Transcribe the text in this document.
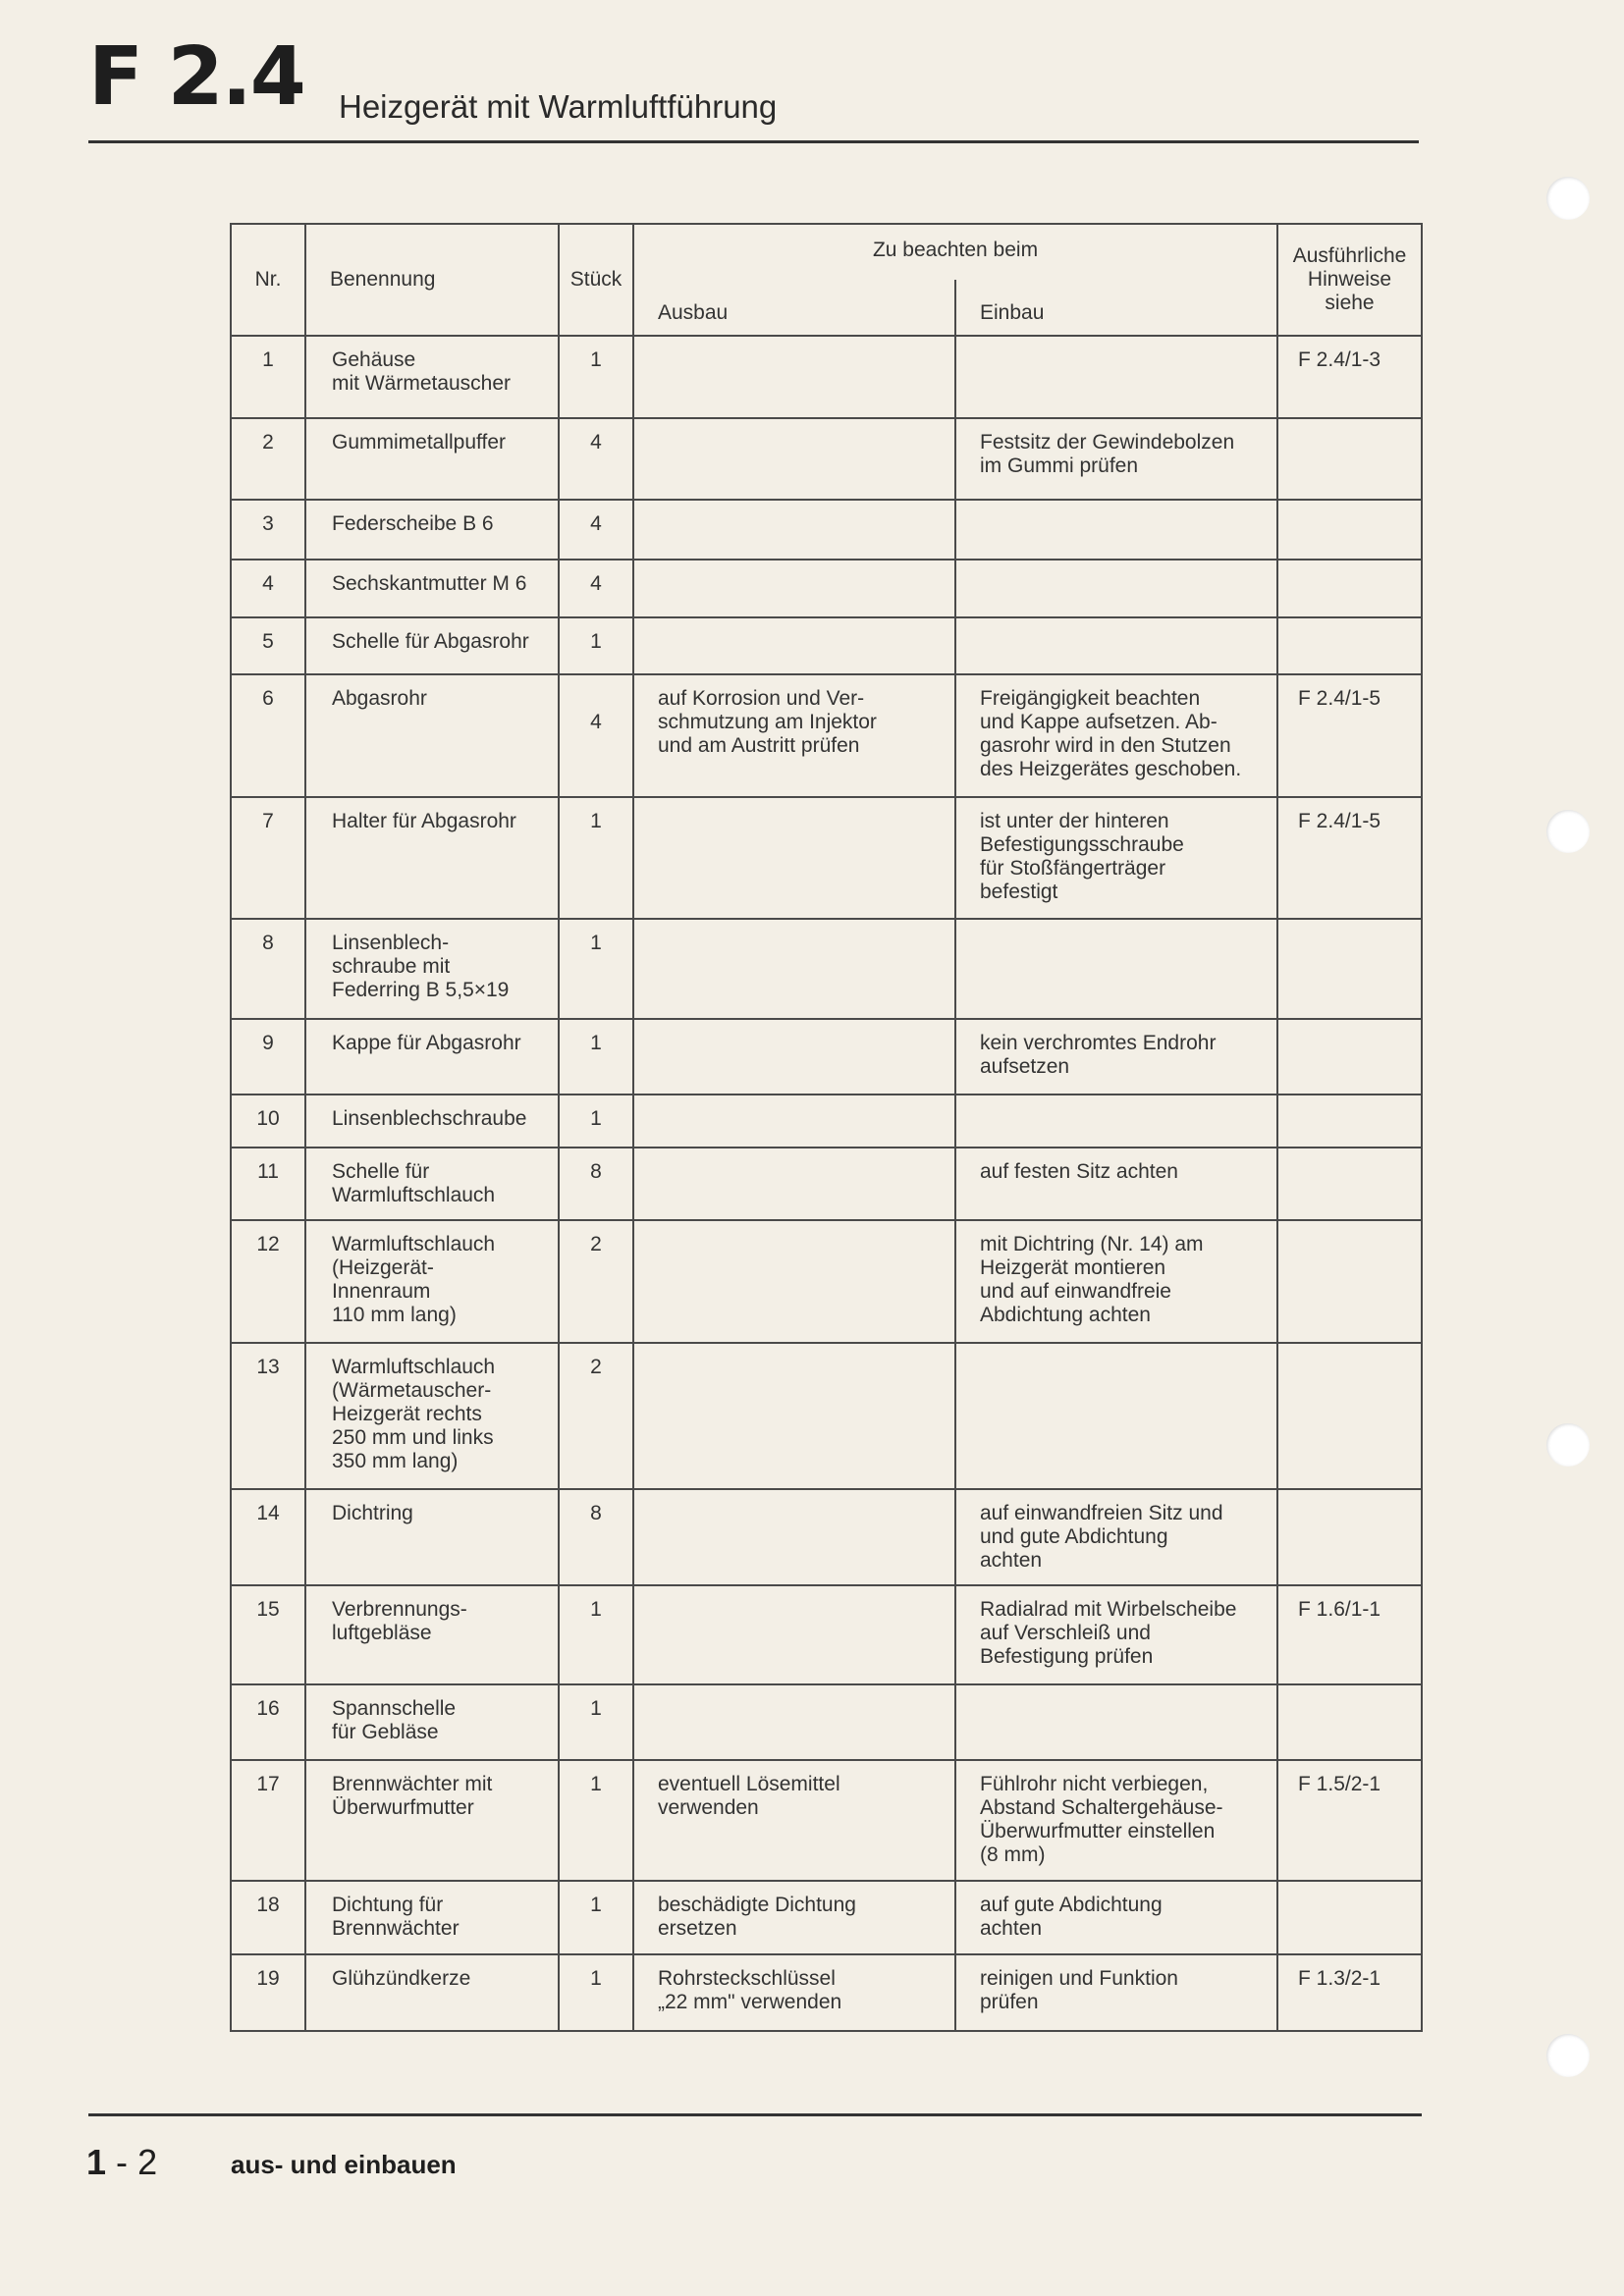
F 2.4 Heizgerät mit Warmluftführung
Nr.	Benennung	Stück	Zu beachten beim		Ausführliche
Hinweise
siehe
			Ausbau	Einbau	
1	Gehäuse
mit Wärmetauscher	1			F 2.4/1-3
2	Gummimetallpuffer	4		Festsitz der Gewindebolzen
im Gummi prüfen	
3	Federscheibe B 6	4			
4	Sechskantmutter M 6	4			
5	Schelle für Abgasrohr	1			
6	Abgasrohr	4	auf Korrosion und Ver-
schmutzung am Injektor
und am Austritt prüfen	Freigängigkeit beachten
und Kappe aufsetzen. Ab-
gasrohr wird in den Stutzen
des Heizgerätes geschoben.	F 2.4/1-5
7	Halter für Abgasrohr	1		ist unter der hinteren
Befestigungsschraube
für Stoßfängerträger
befestigt	F 2.4/1-5
8	Linsenblech-
schraube mit
Federring B 5,5×19	1			
9	Kappe für Abgasrohr	1		kein verchromtes Endrohr
aufsetzen	
10	Linsenblechschraube	1			
11	Schelle für
Warmluftschlauch	8		auf festen Sitz achten	
12	Warmluftschlauch
(Heizgerät-
Innenraum
110 mm lang)	2		mit Dichtring (Nr. 14) am
Heizgerät montieren
und auf einwandfreie
Abdichtung achten	
13	Warmluftschlauch
(Wärmetauscher-
Heizgerät rechts
250 mm und links
350 mm lang)	2			
14	Dichtring	8		auf einwandfreien Sitz und
und gute Abdichtung
achten	
15	Verbrennungs-
luftgebläse	1		Radialrad mit Wirbelscheibe
auf Verschleiß und
Befestigung prüfen	F 1.6/1-1
16	Spannschelle
für Gebläse	1			
17	Brennwächter mit
Überwurfmutter	1	eventuell Lösemittel
verwenden	Fühlrohr nicht verbiegen,
Abstand Schaltergehäuse-
Überwurfmutter einstellen
(8 mm)	F 1.5/2-1
18	Dichtung für
Brennwächter	1	beschädigte Dichtung
ersetzen	auf gute Abdichtung
achten	
19	Glühzündkerze	1	Rohrsteckschlüssel
„22 mm" verwenden	reinigen und Funktion
prüfen	F 1.3/2-1
1 - 2	aus- und einbauen
